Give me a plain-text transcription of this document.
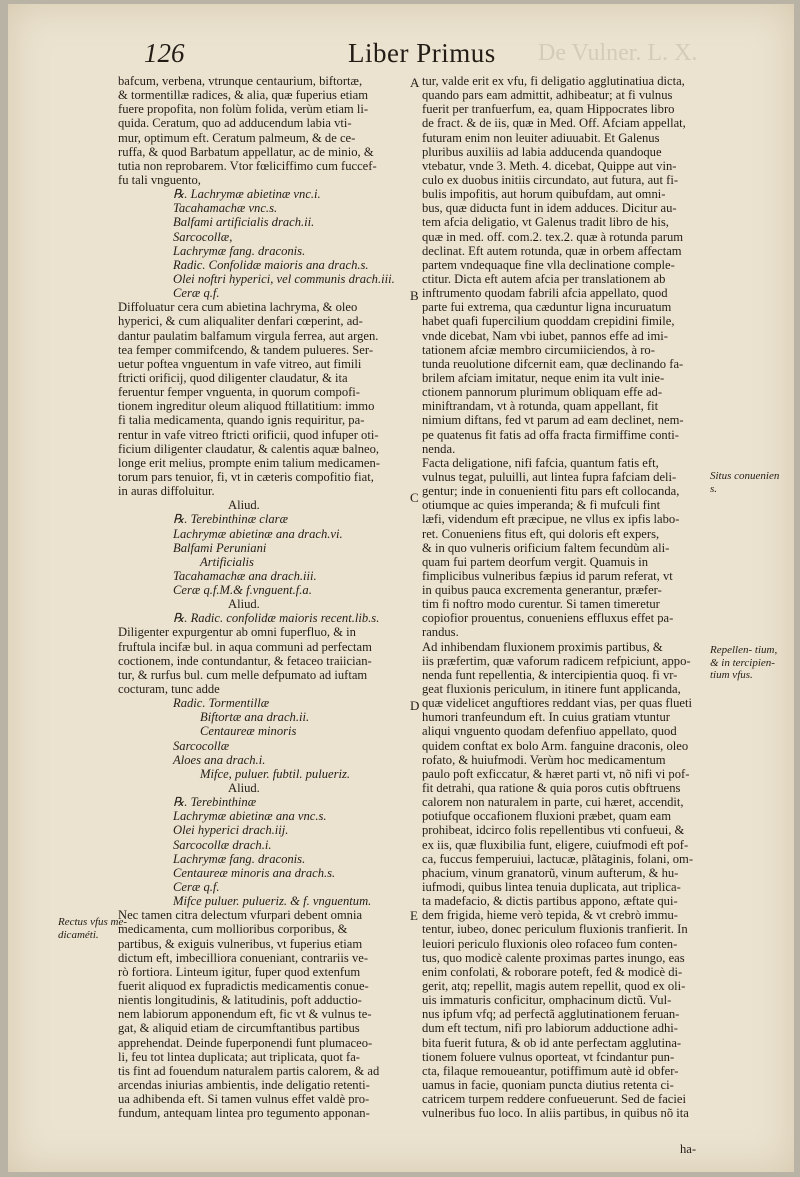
126	Liber Primus De Vulner. L. X.
bafcum, verbena, vtrunque centaurium, biftortæ,
& tormentillæ radices, & alia, quæ fuperius etiam
fuere propofita, non folùm folida, verùm etiam li-
quida. Ceratum, quo ad adducendum labia vti-
mur, optimum eft. Ceratum palmeum, & de ce-
ruffa, & quod Barbatum appellatur, ac de minio, &
tutia non reprobarem. Vtor fœliciffimo cum fuccef-
fu tali vnguento,
℞. Lachrymæ abietinæ vnc.i.
Tacahamachæ vnc.s.
Balfami artificialis drach.ii.
Sarcocollæ,
Lachrymæ fang. draconis.
Radic. Confolidæ maioris ana drach.s.
Olei noftri hyperici, vel communis drach.iii.
Ceræ q.f.
Diffoluatur cera cum abietina lachryma, & oleo
hyperici, & cum aliqualiter denfari cœperint, ad-
dantur paulatim balfamum virgula ferrea, aut argen.
tea femper commifcendo, & tandem pulueres. Ser-
uetur poftea vnguentum in vafe vitreo, aut fimili
ftricti orificij, quod diligenter claudatur, & ita
feruentur femper vnguenta, in quorum compofi-
tionem ingreditur oleum aliquod ftillatitium: immo
fi talia medicamenta, quando ignis requiritur, pa-
rentur in vafe vitreo ftricti orificii, quod infuper oti-
ficium diligenter claudatur, & calentis aquæ balneo,
longe erit melius, prompte enim talium medicamen-
torum pars tenuior, fi, vt in cæteris compofitio fiat,
in auras diffoluitur.
Aliud.
℞. Terebinthinæ claræ
Lachrymæ abietinæ ana drach.vi.
Balfami Peruniani
Artificialis
Tacahamachæ ana drach.iii.
Ceræ q.f.M.& f.vnguent.f.a.
Aliud.
℞. Radic. confolidæ maioris recent.lib.s.
Diligenter expurgentur ab omni fuperfluo, & in
fruftula incifæ bul. in aqua communi ad perfectam
coctionem, inde contundantur, & fetaceo traiician-
tur, & rurfus bul. cum melle defpumato ad iuftam
cocturam, tunc adde
Radic. Tormentillæ
Biftortæ ana drach.ii.
Centaureæ minoris
Sarcocollæ
Aloes ana drach.i.
Mifce, puluer. fubtil. pulueriz.
Aliud.
℞. Terebinthinæ
Lachrymæ abietinæ ana vnc.s.
Olei hyperici drach.iij.
Sarcocollæ drach.i.
Lachrymæ fang. draconis.
Centaureæ minoris ana drach.s.
Ceræ q.f.
Mifce puluer. pulueriz. & f. vnguentum.
Nec tamen citra delectum vfurpari debent omnia
medicamenta, cum mollioribus corporibus, &
partibus, & exiguis vulneribus, vt fuperius etiam
dictum eft, imbecilliora conueniant, contrariis ve-
rò fortiora. Linteum igitur, fuper quod extenfum
fuerit aliquod ex fupradictis medicamentis conue-
nientis longitudinis, & latitudinis, poft adductio-
nem labiorum apponendum eft, fic vt & vulnus te-
gat, & aliquid etiam de circumftantibus partibus
apprehendat. Deinde fuperponendi funt plumaceo-
li, feu tot lintea duplicata; aut triplicata, quot fa-
tis fint ad fouendum naturalem partis calorem, & ad
arcendas iniurias ambientis, inde deligatio retenti-
ua adhibenda eft. Si tamen vulnus effet valdè pro-
fundum, antequam lintea pro tegumento apponan-
tur, valde erit ex vfu, fi deligatio agglutinatiua dicta,
quando pars eam admittit, adhibeatur; at fi vulnus
fuerit per tranfuerfum, ea, quam Hippocrates libro
de fract. & de iis, quæ in Med. Off. Afciam appellat,
futuram enim non leuiter adiuuabit. Et Galenus
pluribus auxiliis ad labia adducenda quandoque
vtebatur, vnde 3. Meth. 4. dicebat, Quippe aut vin-
culo ex duobus initiis circundato, aut futura, aut fi-
bulis impofitis, aut horum quibufdam, aut omni-
bus, quæ diducta funt in idem adduces. Dicitur au-
tem afcia deligatio, vt Galenus tradit libro de his,
quæ in med. off. com.2. tex.2. quæ à rotunda parum
declinat. Eft autem rotunda, quæ in orbem affectam
partem vndequaque fine vlla declinatione comple-
ctitur. Dicta eft autem afcia per translationem ab
inftrumento quodam fabrili afcia appellato, quod
parte fui extrema, qua cæduntur ligna incuruatum
habet quafi fupercilium quoddam crepidini fimile,
vnde dicebat, Nam vbi iubet, pannos effe ad imi-
tationem afciæ membro circumiiciendos, à ro-
tunda reuolutione difcernit eam, quæ declinando fa-
brilem afciam imitatur, neque enim ita vult inie-
ctionem pannorum plurimum obliquam effe ad-
miniftrandam, vt à rotunda, quam appellant, fit
nimium diftans, fed vt parum ad eam declinet, nem-
pe quatenus fit fatis ad offa fracta firmiffime conti-
nenda.
Facta deligatione, nifi fafcia, quantum fatis eft,
vulnus tegat, puluilli, aut lintea fupra fafciam deli-
gentur; inde in conuenienti fitu pars eft collocanda,
otiumque ac quies imperanda; & fi mufculi fint
læfi, videndum eft præcipue, ne vllus ex ipfis labo-
ret. Conueniens fitus eft, qui doloris eft expers,
& in quo vulneris orificium faltem fecundùm ali-
quam fui partem deorfum vergit. Quamuis in
fimplicibus vulneribus fæpius id parum referat, vt
in quibus pauca excrementa generantur, præfer-
tim fi noftro modo curentur. Si tamen timeretur
copiofior prouentus, conueniens effluxus effet pa-
randus.
Ad inhibendam fluxionem proximis partibus, &
iis præfertim, quæ vaforum radicem refpiciunt, appo-
nenda funt repellentia, & intercipientia quoq. fi vr-
geat fluxionis periculum, in itinere funt applicanda,
quæ videlicet anguftiores reddant vias, per quas flueti
humori tranfeundum eft. In cuius gratiam vtuntur
aliqui vnguento quodam defenfiuo appellato, quod
quidem conftat ex bolo Arm. fanguine draconis, oleo
rofato, & huiufmodi. Verùm hoc medicamentum
paulo poft exficcatur, & hæret parti vt, nõ nifi vi pof-
fit detrahi, qua ratione & quia poros cutis obftruens
calorem non naturalem in parte, cui hæret, accendit,
potiufque occafionem fluxioni præbet, quam eam
prohibeat, idcirco folis repellentibus vti confueui, &
ex iis, quæ fluxibilia funt, eligere, cuiufmodi eft pof-
ca, fuccus femperuiui, lactucæ, plãtaginis, folani, om-
phacium, vinum granatorũ, vinum aufterum, & hu-
iufmodi, quibus lintea tenuia duplicata, aut triplica-
ta madefacio, & dictis partibus appono, æftate qui-
dem frigida, hieme verò tepida, & vt crebrò immu-
tentur, iubeo, donec periculum fluxionis tranfierit. In
leuiori periculo fluxionis oleo rofaceo fum conten-
tus, quo modicè calente proximas partes inungo, eas
enim confolati, & roborare poteft, fed & modicè di-
gerit, atq; repellit, magis autem repellit, quod ex oli-
uis immaturis conficitur, omphacinum dictũ. Vul-
nus ipfum vfq; ad perfectã agglutinationem feruan-
dum eft tectum, nifi pro labiorum adductione adhi-
bita fuerit futura, & ob id ante perfectam agglutina-
tionem foluere vulnus oporteat, vt fcindantur pun-
cta, filaque remoueantur, potiffimum autè id obfer-
uamus in facie, quoniam puncta diutius retenta ci-
catricem turpem reddere confueuerunt. Sed de faciei
vulneribus fuo loco. In aliis partibus, in quibus nõ ita
A
B
C
D
E
Situs conuenien s.
Repellen- tium, & in tercipien- tium vfus.
Rectus vfus me- dicaméti.
ha-
